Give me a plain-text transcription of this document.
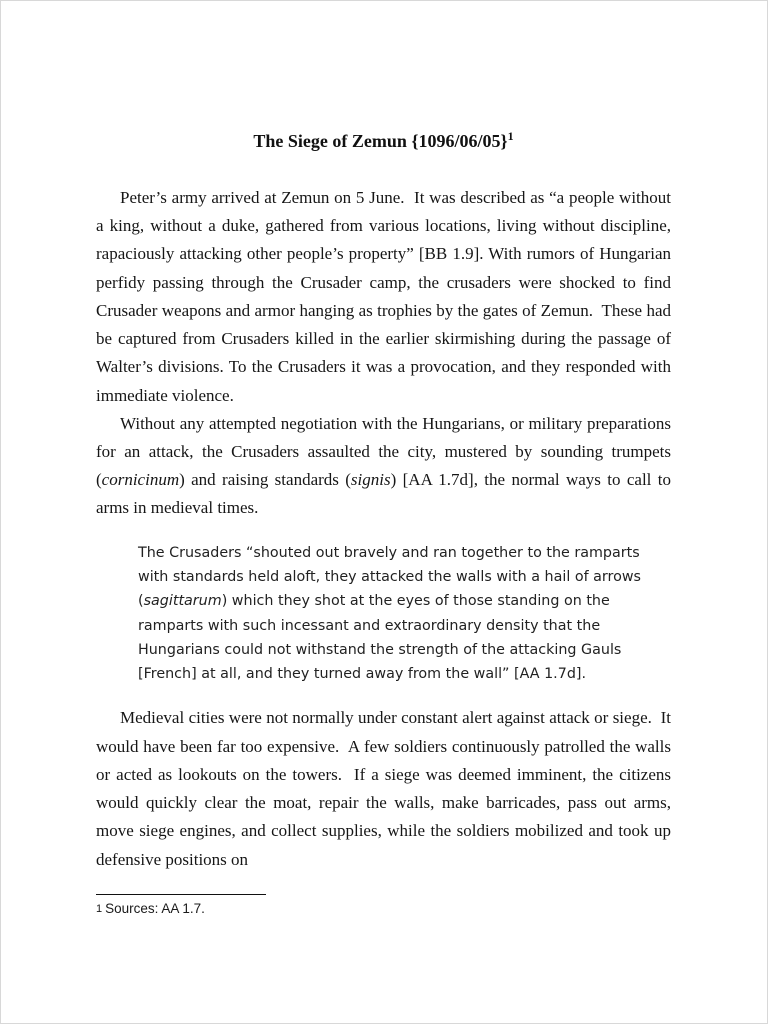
The Siege of Zemun $\{1096/06/05\}^1$

Peter’s army arrived at Zemun on 5 June.  It was described as “a people without a king, without a duke, gathered from various locations, living without discipline, rapaciously attacking other people’s property” [BB 1.9]. With rumors of Hungarian perfidy passing through the Crusader camp, the crusaders were shocked to find Crusader weapons and armor hanging as trophies by the gates of Zemun.  These had be captured from Crusaders killed in the earlier skirmishing during the passage of Walter’s divisions. To the Crusaders it was a provocation, and they responded with immediate violence.

Without any attempted negotiation with the Hungarians, or military preparations for an attack, the Crusaders assaulted the city, mustered by sounding trumpets (cornicinum) and raising standards (signis) [AA 1.7d], the normal ways to call to arms in medieval times.

The Crusaders “shouted out bravely and ran together to the ramparts with standards held aloft, they attacked the walls with a hail of arrows (sagittarum) which they shot at the eyes of those standing on the ramparts with such incessant and extraordinary density that the Hungarians could not withstand the strength of the attacking Gauls [French] at all, and they turned away from the wall” [AA 1.7d].

Medieval cities were not normally under constant alert against attack or siege.  It would have been far too expensive.  A few soldiers continuously patrolled the walls or acted as lookouts on the towers.  If a siege was deemed imminent, the citizens would quickly clear the moat, repair the walls, make barricades, pass out arms, move siege engines, and collect supplies, while the soldiers mobilized and took up defensive positions on

1 Sources: AA 1.7.
